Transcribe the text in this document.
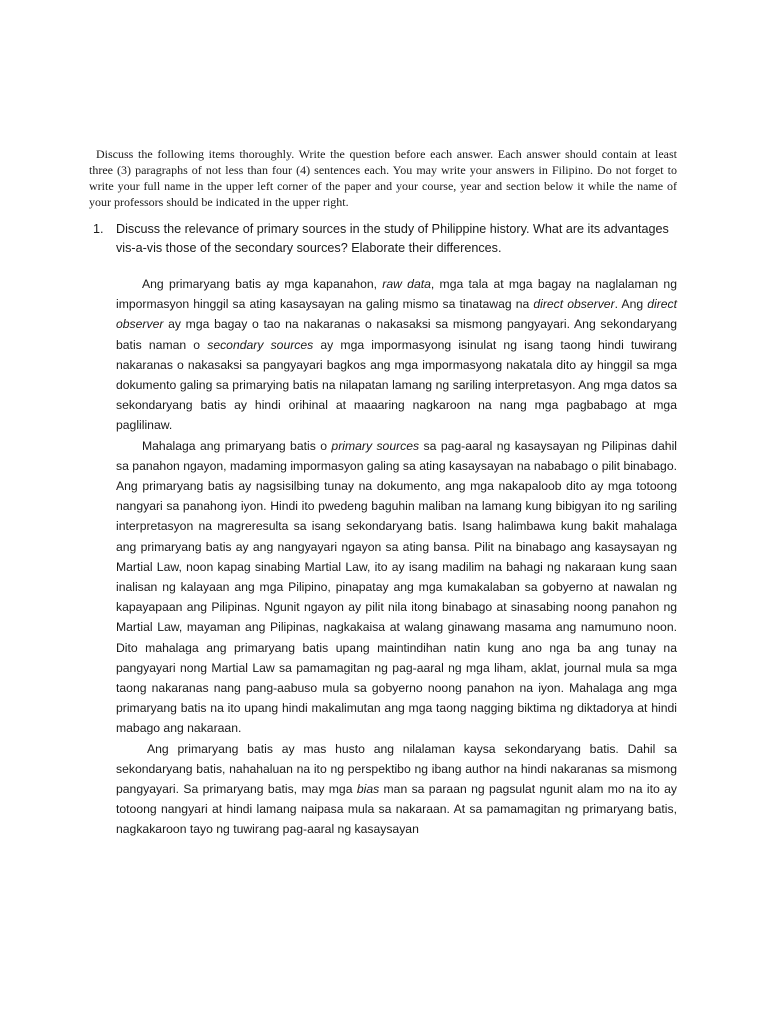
Discuss the following items thoroughly. Write the question before each answer. Each answer should contain at least three (3) paragraphs of not less than four (4) sentences each. You may write your answers in Filipino. Do not forget to write your full name in the upper left corner of the paper and your course, year and section below it while the name of your professors should be indicated in the upper right.

1. Discuss the relevance of primary sources in the study of Philippine history. What are its advantages vis-a-vis those of the secondary sources? Elaborate their differences.

Ang primaryang batis ay mga kapanahon, raw data, mga tala at mga bagay na naglalaman ng impormasyon hinggil sa ating kasaysayan na galing mismo sa tinatawag na direct observer. Ang direct observer ay mga bagay o tao na nakaranas o nakasaksi sa mismong pangyayari. Ang sekondaryang batis naman o secondary sources ay mga impormasyong isinulat ng isang taong hindi tuwirang nakaranas o nakasaksi sa pangyayari bagkos ang mga impormasyong nakatala dito ay hinggil sa mga dokumento galing sa primarying batis na nilapatan lamang ng sariling interpretasyon. Ang mga datos sa sekondaryang batis ay hindi orihinal at maaaring nagkaroon na nang mga pagbabago at mga paglilinaw.

Mahalaga ang primaryang batis o primary sources sa pag-aaral ng kasaysayan ng Pilipinas dahil sa panahon ngayon, madaming impormasyon galing sa ating kasaysayan na nababago o pilit binabago. Ang primaryang batis ay nagsisilbing tunay na dokumento, ang mga nakapaloob dito ay mga totoong nangyari sa panahong iyon. Hindi ito pwedeng baguhin maliban na lamang kung bibigyan ito ng sariling interpretasyon na magreresulta sa isang sekondaryang batis. Isang halimbawa kung bakit mahalaga ang primaryang batis ay ang nangyayari ngayon sa ating bansa. Pilit na binabago ang kasaysayan ng Martial Law, noon kapag sinabing Martial Law, ito ay isang madilim na bahagi ng nakaraan kung saan inalisan ng kalayaan ang mga Pilipino, pinapatay ang mga kumakalaban sa gobyerno at nawalan ng kapayapaan ang Pilipinas. Ngunit ngayon ay pilit nila itong binabago at sinasabing noong panahon ng Martial Law, mayaman ang Pilipinas, nagkakaisa at walang ginawang masama ang namumuno noon. Dito mahalaga ang primaryang batis upang maintindihan natin kung ano nga ba ang tunay na pangyayari nong Martial Law sa pamamagitan ng pag-aaral ng mga liham, aklat, journal mula sa mga taong nakaranas nang pang-aabuso mula sa gobyerno noong panahon na iyon. Mahalaga ang mga primaryang batis na ito upang hindi makalimutan ang mga taong nagging biktima ng diktadorya at hindi mabago ang nakaraan.

Ang primaryang batis ay mas husto ang nilalaman kaysa sekondaryang batis. Dahil sa sekondaryang batis, nahahaluan na ito ng perspektibo ng ibang author na hindi nakaranas sa mismong pangyayari. Sa primaryang batis, may mga bias man sa paraan ng pagsulat ngunit alam mo na ito ay totoong nangyari at hindi lamang naipasa mula sa nakaraan. At sa pamamagitan ng primaryang batis, nagkakaroon tayo ng tuwirang pag-aaral ng kasaysayan
